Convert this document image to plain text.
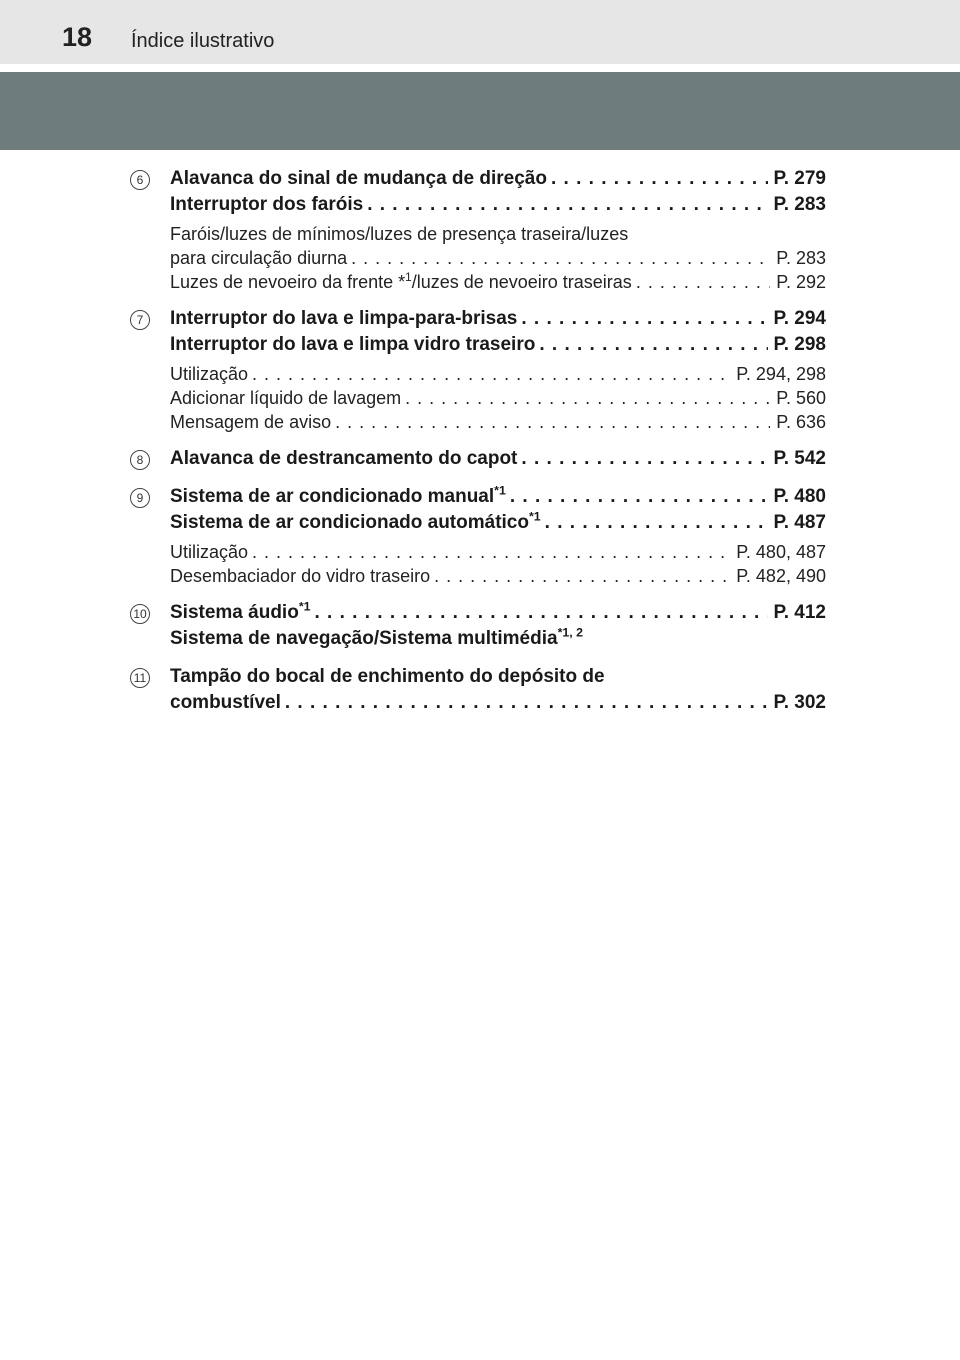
18 Índice ilustrativo
6	Alavanca do sinal de mudança de direção . . .	P. 279
Interruptor dos faróis . . .	P. 283
Faróis/luzes de mínimos/luzes de presença traseira/luzes
para circulação diurna . . .	P. 283
Luzes de nevoeiro da frente *$^1$/luzes de nevoeiro traseiras . . .	P. 292
7	Interruptor do lava e limpa-para-brisas . . .	P. 294
Interruptor do lava e limpa vidro traseiro . . .	P. 298
Utilização . . .	P. 294, 298
Adicionar líquido de lavagem . . .	P. 560
Mensagem de aviso . . .	P. 636
8	Alavanca de destrancamento do capot . . .	P. 542
9	Sistema de ar condicionado manual$^{*1}$ . . .	P. 480
Sistema de ar condicionado automático$^{*1}$ . . .	P. 487
Utilização . . .	P. 480, 487
Desembaciador do vidro traseiro . . .	P. 482, 490
10 Sistema áudio$^{*1}$ . . .	P. 412
Sistema de navegação/Sistema multimédia$^{*1, 2}$
11 Tampão do bocal de enchimento do depósito de
combustível . . .	P. 302
